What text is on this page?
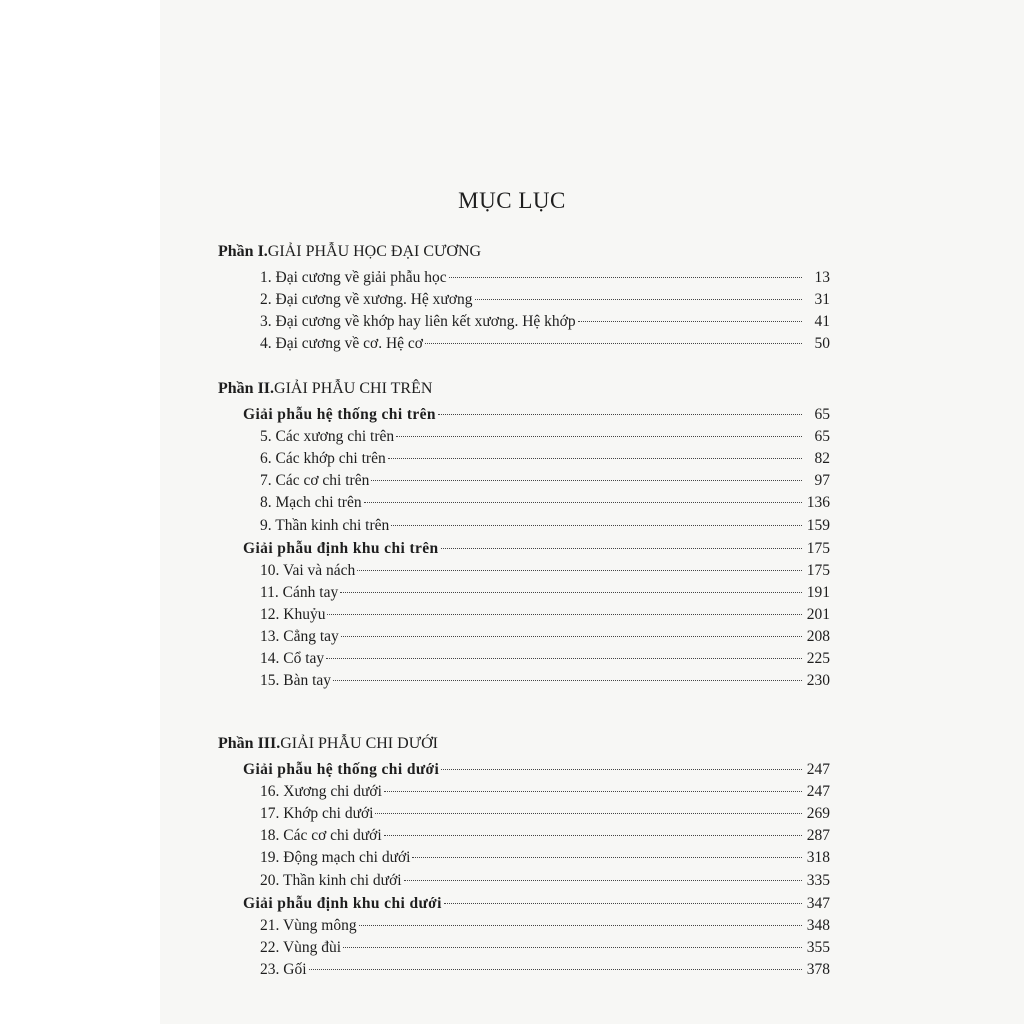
MỤC LỤC
Phần I. GIẢI PHẪU HỌC ĐẠI CƯƠNG
1. Đại cương về giải phẫu học	13
2. Đại cương về xương. Hệ xương	31
3. Đại cương về khớp hay liên kết xương. Hệ khớp	41
4. Đại cương về cơ. Hệ cơ	50
Phần II. GIẢI PHẪU CHI TRÊN
Giải phẫu hệ thống chi trên	65
5. Các xương chi trên	65
6. Các khớp chi trên	82
7. Các cơ chi trên	97
8. Mạch chi trên	136
9. Thần kinh chi trên	159
Giải phẫu định khu chi trên	175
10. Vai và nách	175
11. Cánh tay	191
12. Khuỷu	201
13. Cẳng tay	208
14. Cổ tay	225
15. Bàn tay	230
Phần III. GIẢI PHẪU CHI DƯỚI
Giải phẫu hệ thống chi dưới	247
16. Xương chi dưới	247
17. Khớp chi dưới	269
18. Các cơ chi dưới	287
19. Động mạch chi dưới	318
20. Thần kinh chi dưới	335
Giải phẫu định khu chi dưới	347
21. Vùng mông	348
22. Vùng đùi	355
23. Gối	378
